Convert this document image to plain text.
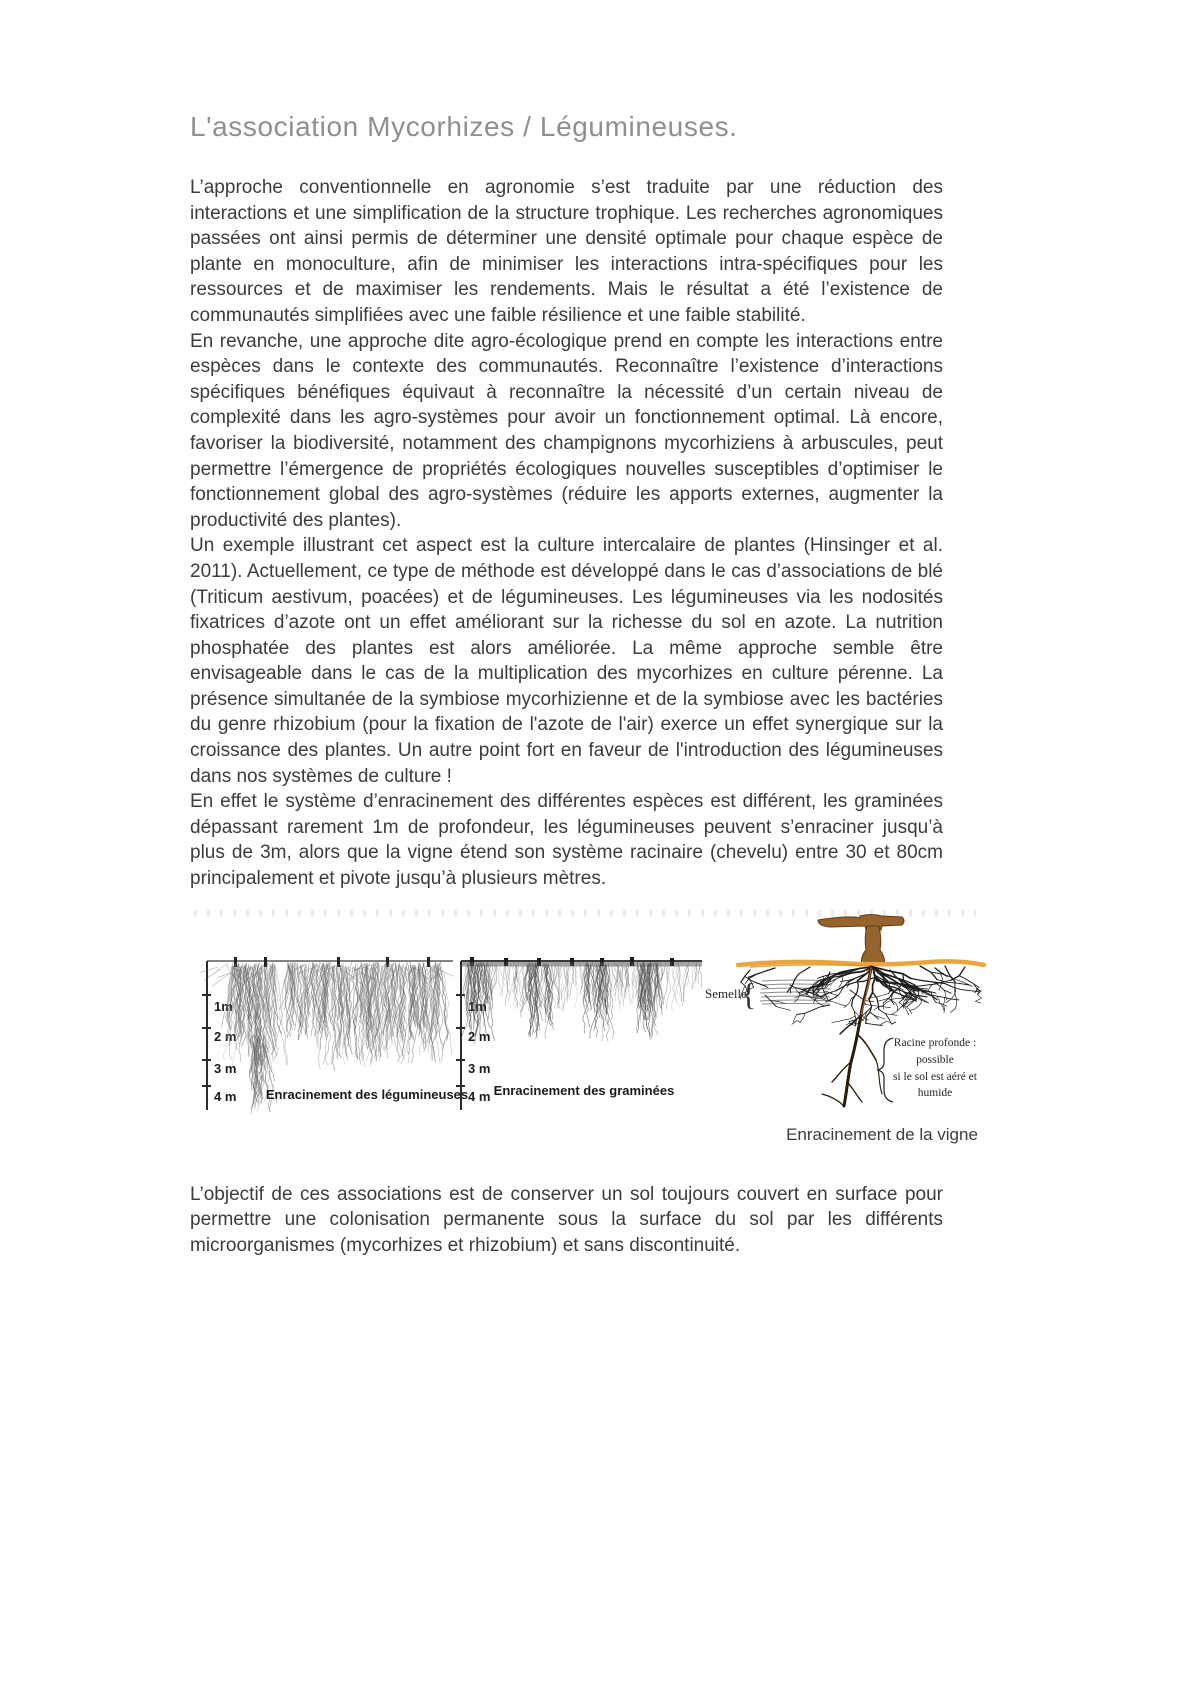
L'association Mycorhizes / Légumineuses.

L’approche conventionnelle en agronomie s’est traduite par une réduction des interactions et une simplification de la structure trophique. Les recherches agronomiques passées ont ainsi permis de déterminer une densité optimale pour chaque espèce de plante en monoculture, afin de minimiser les interactions intra-spécifiques pour les ressources et de maximiser les rendements. Mais le résultat a été l’existence de communautés simplifiées avec une faible résilience et une faible stabilité.

En revanche, une approche dite agro-écologique prend en compte les interactions entre espèces dans le contexte des communautés. Reconnaître l’existence d’interactions spécifiques bénéfiques équivaut à reconnaître la nécessité d’un certain niveau de complexité dans les agro-systèmes pour avoir un fonctionnement optimal. Là encore, favoriser la biodiversité, notamment des champignons mycorhiziens à arbuscules, peut permettre l’émergence de propriétés écologiques nouvelles susceptibles d’optimiser le fonctionnement global des agro-systèmes (réduire les apports externes, augmenter la productivité des plantes).

Un exemple illustrant cet aspect est la culture intercalaire de plantes (Hinsinger et al. 2011). Actuellement, ce type de méthode est développé dans le cas d’associations de blé (Triticum aestivum, poacées) et de légumineuses. Les légumineuses via les nodosités fixatrices d’azote ont un effet améliorant sur la richesse du sol en azote. La nutrition phosphatée des plantes est alors améliorée. La même approche semble être envisageable dans le cas de la multiplication des mycorhizes en culture pérenne. La présence simultanée de la symbiose mycorhizienne et de la symbiose avec les bactéries du genre rhizobium (pour la fixation de l'azote de l'air) exerce un effet synergique sur la croissance des plantes. Un autre point fort en faveur de l'introduction des légumineuses dans nos systèmes de culture !

En effet le système d’enracinement des différentes espèces est différent, les graminées dépassant rarement 1m de profondeur, les légumineuses peuvent s’enraciner jusqu’à plus de 3m, alors que la vigne étend son système racinaire (chevelu) entre 30 et 80cm principalement et pivote jusqu’à plusieurs mètres.

1m
2 m
3 m
4 m Enracinement des légumineuses
1m
2 m
3 m
4 m Enracinement des graminées
Semelle
{
Racine profonde :
possible
si le sol est aéré et
humide
Enracinement de la vigne

L’objectif de ces associations est de conserver un sol toujours couvert en surface pour permettre une colonisation permanente sous la surface du sol par les différents microorganismes (mycorhizes et rhizobium) et sans discontinuité.
